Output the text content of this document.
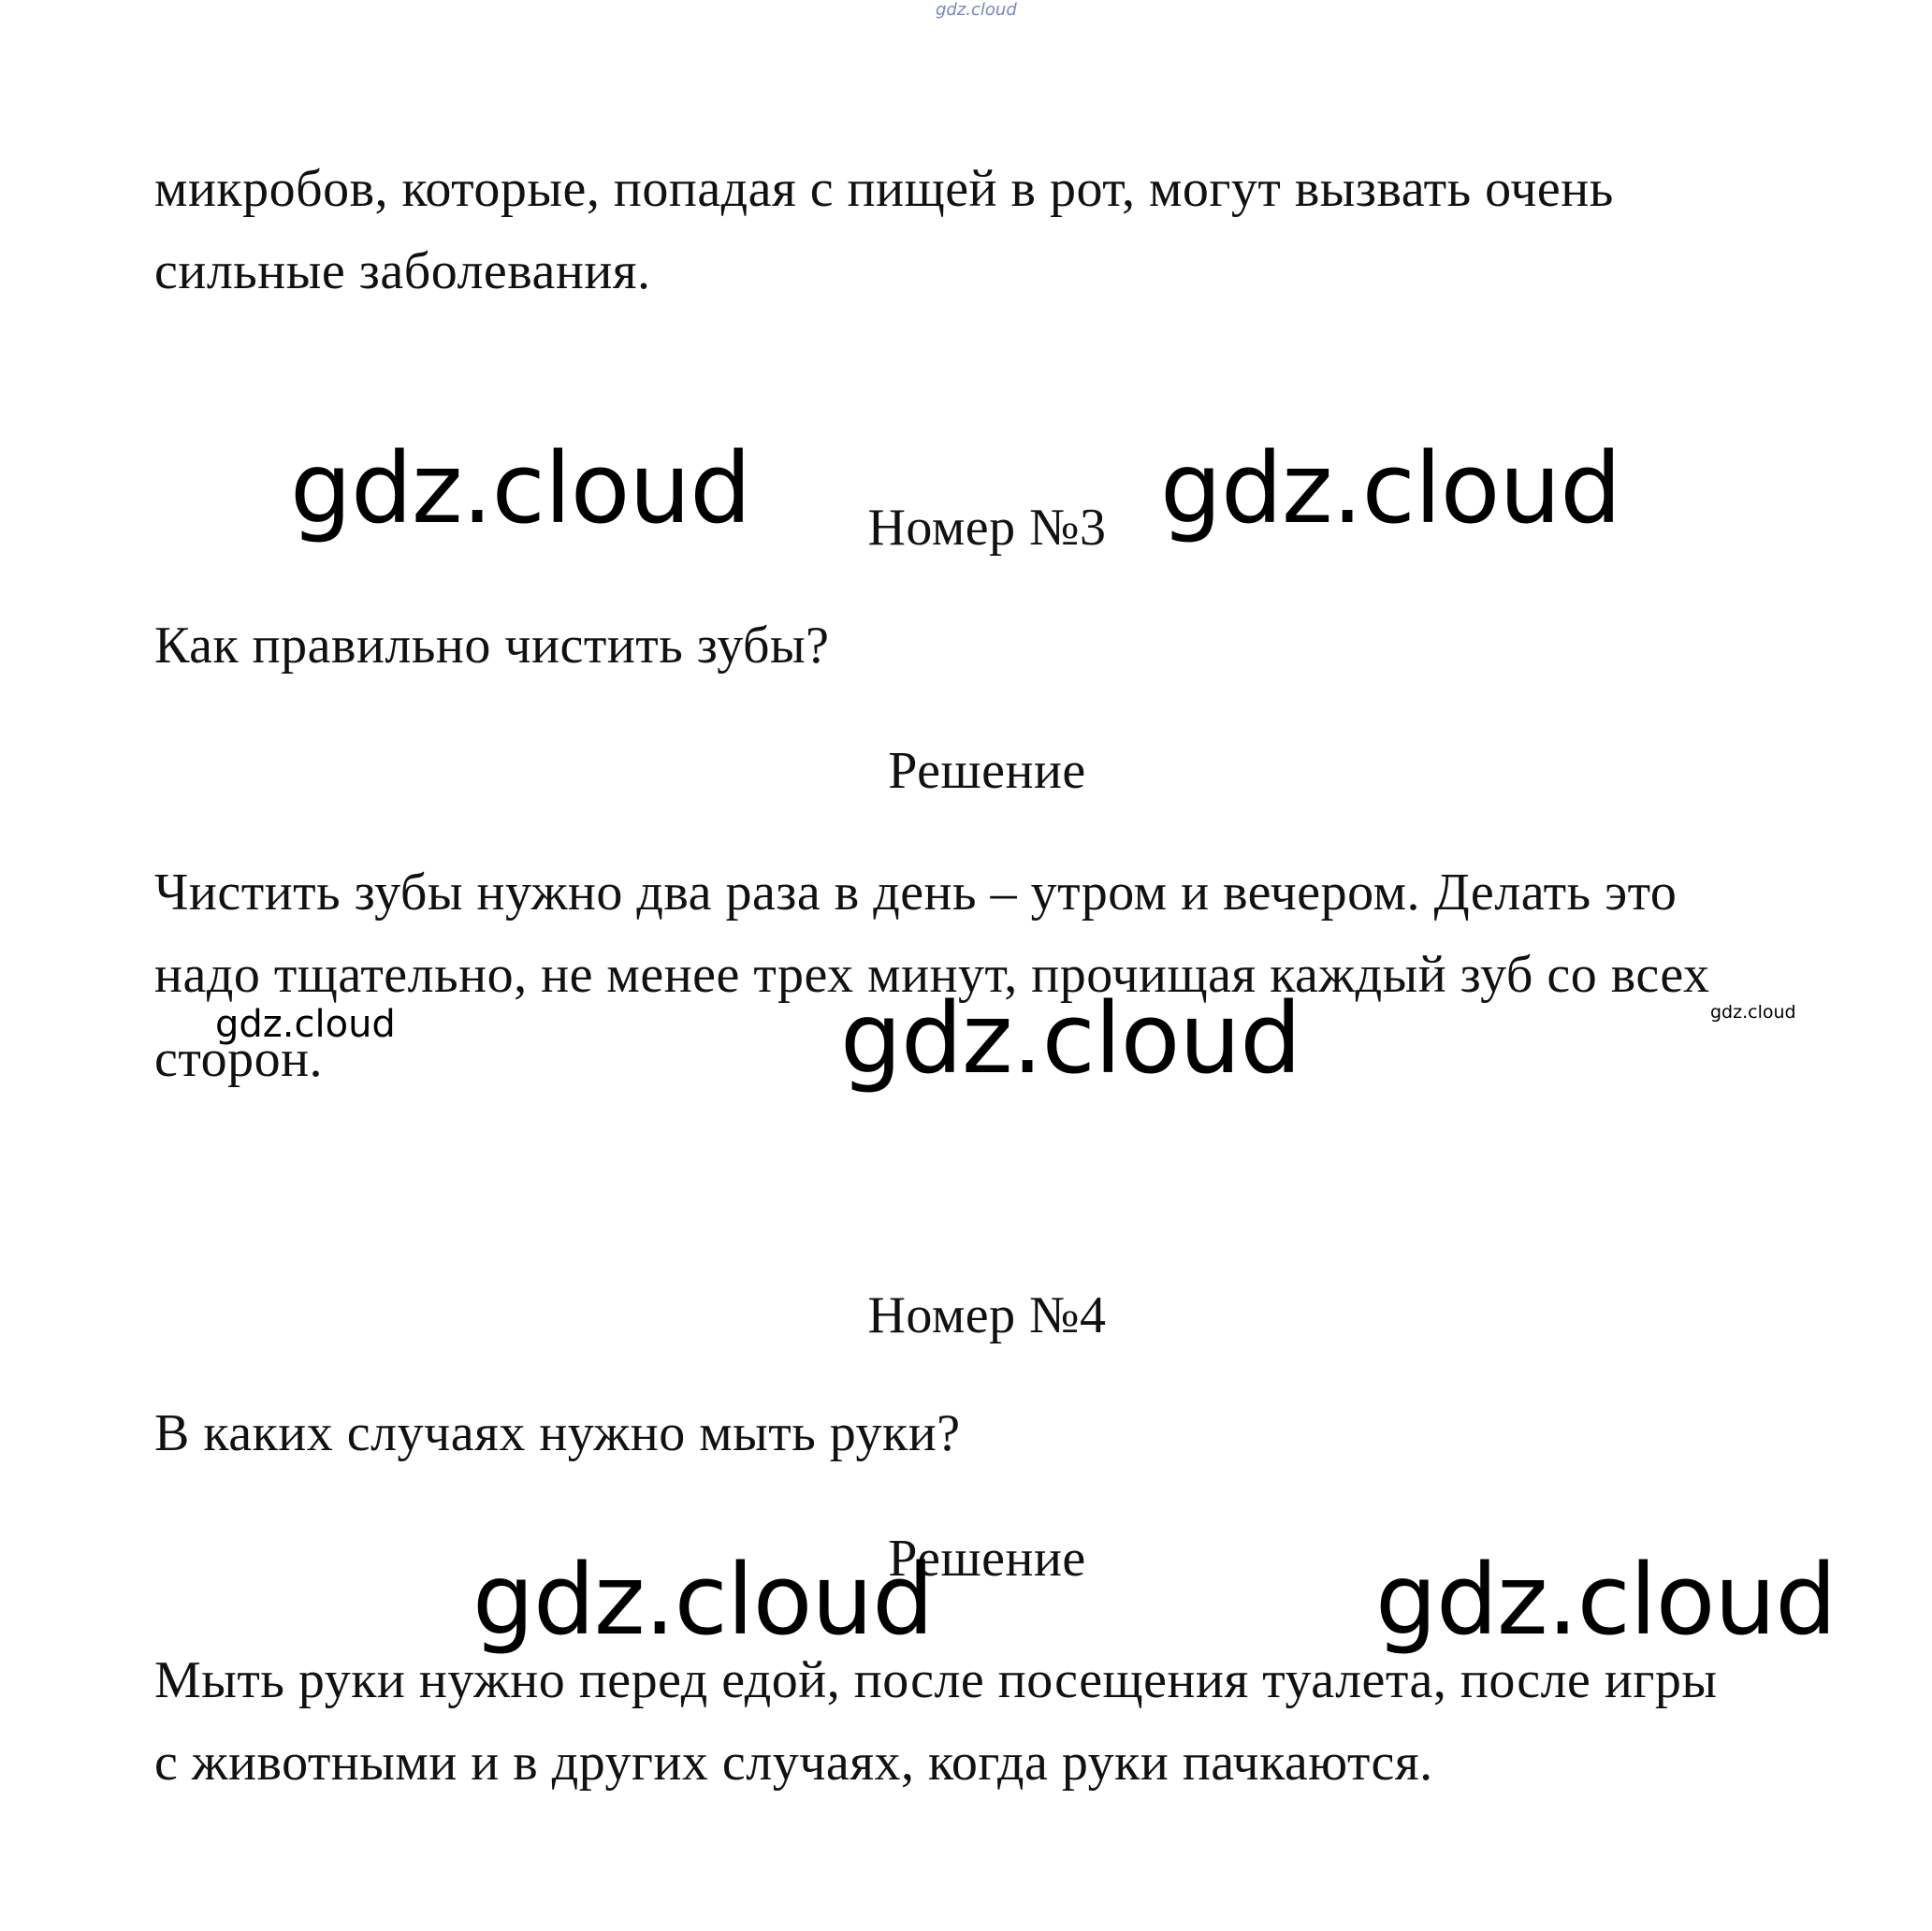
gdz.cloud
микробов, которые, попадая с пищей в рот, могут вызвать очень
сильные заболевания.
gdz.cloud	gdz.cloud
Номер №3
Как правильно чистить зубы?
Решение
Чистить зубы нужно два раза в день – утром и вечером. Делать это
надо тщательно, не менее трех минут, прочищая каждый зуб со всех
сторон.
gdz.cloud	gdz.cloud	gdz.cloud
Номер №4
В каких случаях нужно мыть руки?
Решение
gdz.cloud	gdz.cloud
Мыть руки нужно перед едой, после посещения туалета, после игры
с животными и в других случаях, когда руки пачкаются.
